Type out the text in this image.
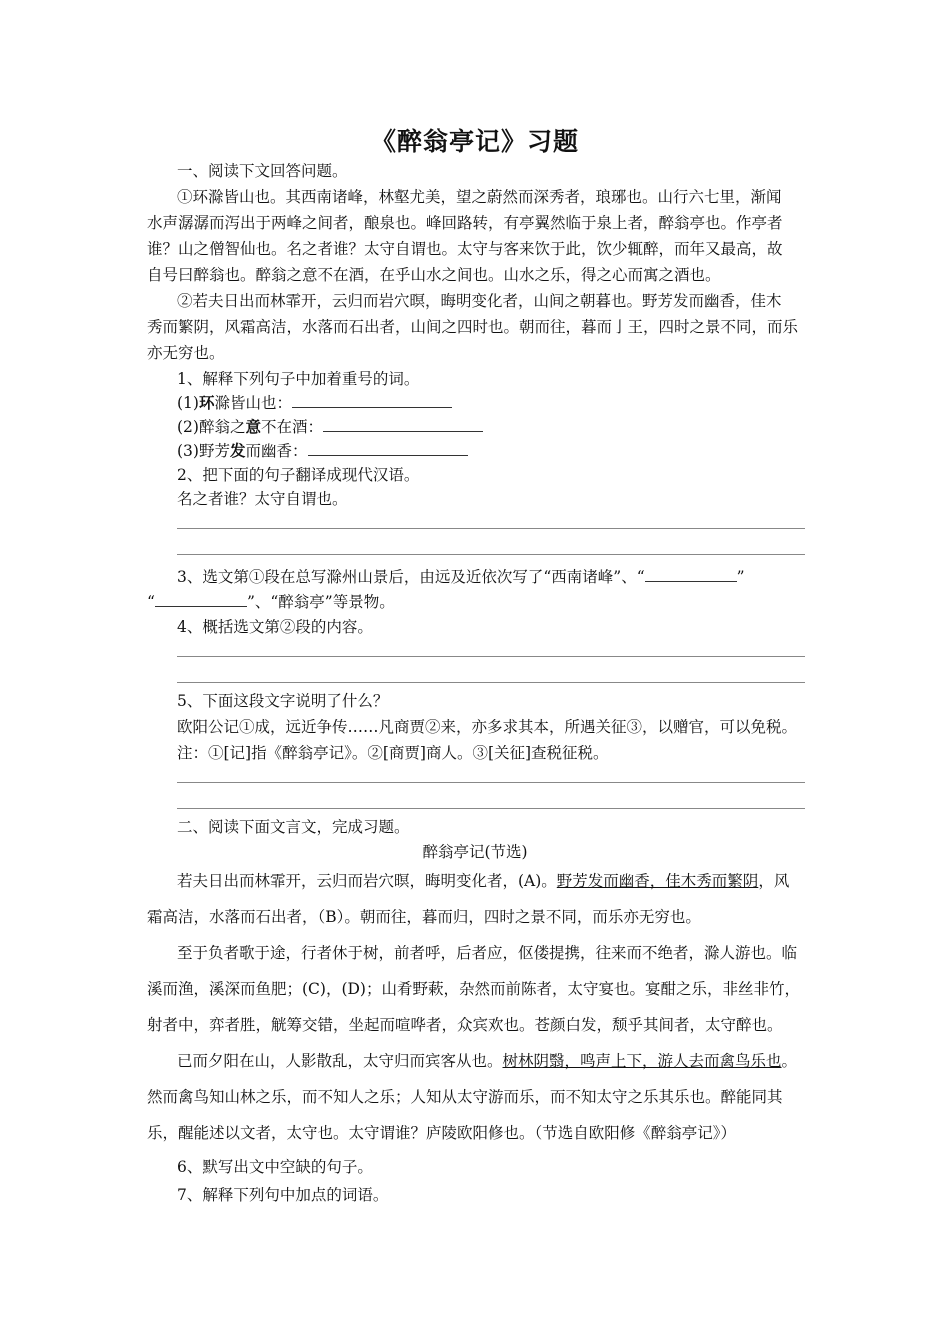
《醉翁亭记》习题
一、阅读下文回答问题。
①环滁皆山也。其西南诸峰，林壑尤美，望之蔚然而深秀者，琅琊也。山行六七里，渐闻
水声潺潺而泻出于两峰之间者，酿泉也。峰回路转，有亭翼然临于泉上者，醉翁亭也。作亭者
谁？山之僧智仙也。名之者谁？太守自谓也。太守与客来饮于此，饮少辄醉，而年又最高，故
自号曰醉翁也。醉翁之意不在酒，在乎山水之间也。山水之乐，得之心而寓之酒也。
②若夫日出而林霏开，云归而岩穴暝，晦明变化者，山间之朝暮也。野芳发而幽香，佳木
秀而繁阴，风霜高洁，水落而石出者，山间之四时也。朝而往，暮而亅王，四时之景不同，而乐
亦无穷也。
1、解释下列句子中加着重号的词。
(1)环滁皆山也：
(2)醉翁之意不在酒：
(3)野芳发而幽香：
2、把下面的句子翻译成现代汉语。
名之者谁？太守自谓也。
3、选文第①段在总写滁州山景后，由远及近依次写了“西南诸峰”、“	”
“	”、“醉翁亭”等景物。
4、概括选文第②段的内容。
5、下面这段文字说明了什么？
欧阳公记①成，远近争传……凡商贾②来，亦多求其本，所遇关征③，以赠官，可以免税。
注：①[记]指《醉翁亭记》。②[商贾]商人。③[关征]查税征税。
二、阅读下面文言文，完成习题。
醉翁亭记(节选)
若夫日出而林霏开，云归而岩穴暝，晦明变化者，(A)。野芳发而幽香，佳木秀而繁阴，风
霜高洁，水落而石出者，（B）。朝而往，暮而归，四时之景不同，而乐亦无穷也。
至于负者歌于途，行者休于树，前者呼，后者应，伛偻提携，往来而不绝者，滁人游也。临
溪而渔，溪深而鱼肥；(C)，(D)；山肴野蔌，杂然而前陈者，太守宴也。宴酣之乐，非丝非竹，
射者中，弈者胜，觥筹交错，坐起而喧哗者，众宾欢也。苍颜白发，颓乎其间者，太守醉也。
已而夕阳在山，人影散乱，太守归而宾客从也。树林阴翳，鸣声上下，游人去而禽鸟乐也。
然而禽鸟知山林之乐，而不知人之乐；人知从太守游而乐，而不知太守之乐其乐也。醉能同其
乐，醒能述以文者，太守也。太守谓谁？庐陵欧阳修也。（节选自欧阳修《醉翁亭记》）
6、默写出文中空缺的句子。
7、解释下列句中加点的词语。
